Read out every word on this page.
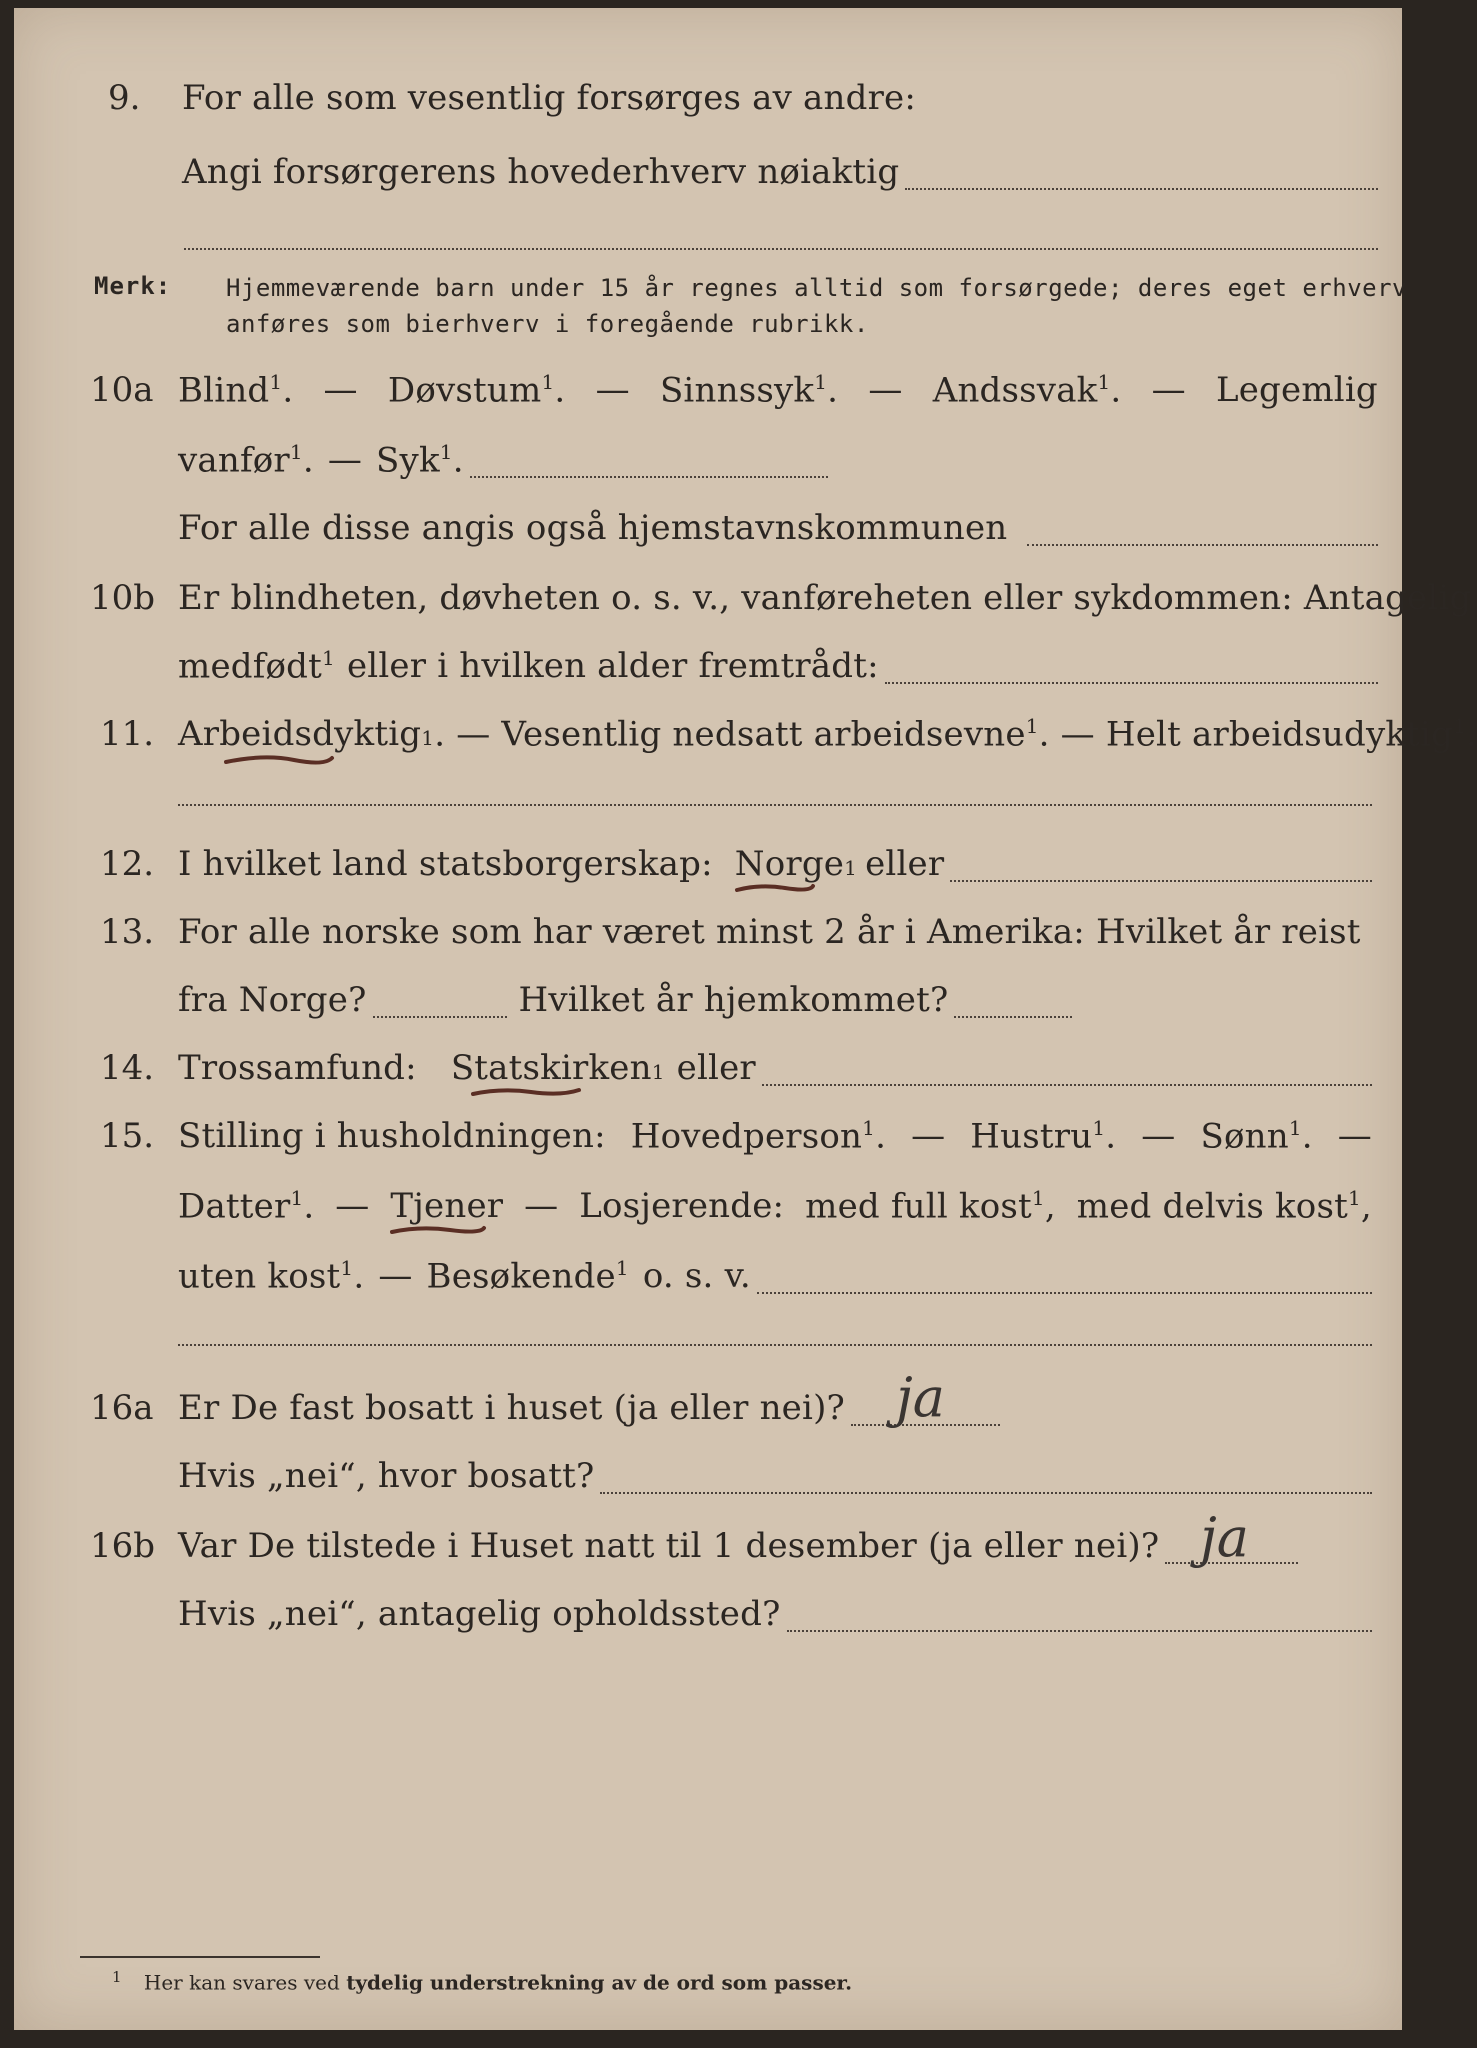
9. For alle som vesentlig forsørges av andre:
Angi forsørgerens hovederhverv nøiaktig
Merk: Hjemmeværende barn under 15 år regnes alltid som forsørgede; deres eget erhverv
anføres som bierhverv i foregående rubrikk.
10a Blind$^1$. — Døvstum$^1$. — Sinnssyk$^1$. — Andssvak$^1$. — Legemlig
vanfør$^1$. — Syk$^1$.
For alle disse angis også hjemstavnskommunen
10b Er blindheten, døvheten o. s. v., vanføreheten eller sykdommen: Antagelig
medfødt$^1$ eller i hvilken alder fremtrådt:
11. Arbeidsdyktig 1 . — Vesentlig nedsatt arbeidsevne$^1$ . — Helt arbeidsudyktig$^1$.
12. I hvilket land statsborgerskap: Norge 1 eller
13. For alle norske som har været minst 2 år i Amerika: Hvilket år reist
fra Norge?	Hvilket år hjemkommet?
14. Trossamfund: Statskirken 1 eller
15. Stilling i husholdningen: Hovedperson$^1$. — Hustru$^1$. — Sønn$^1$. —
Datter$^1$. — Tjener — Losjerende: med full kost$^1$, med delvis kost$^1$,
uten kost$^1$. — Besøkende$^1$ o. s. v.
16a Er De fast bosatt i huset (ja eller nei)? ja
Hvis „nei“, hvor bosatt?
16b Var De tilstede i Huset natt til 1 desember (ja eller nei)? ja
Hvis „nei“, antagelig opholdssted?
$^1$ Her kan svares ved tydelig understrekning av de ord som passer.
